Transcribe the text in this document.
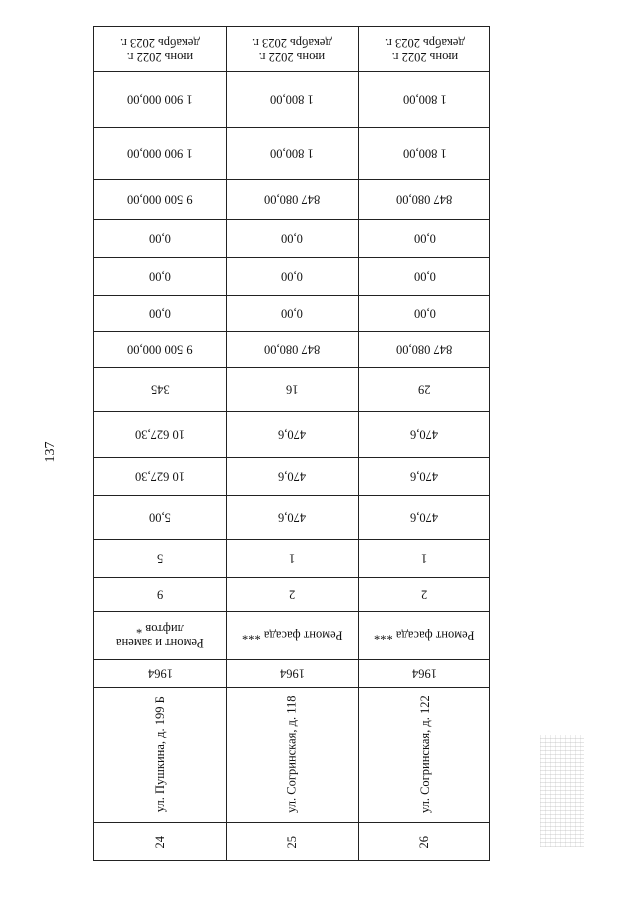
137
июнь 2022 г.
декабрь 2023 г.
1 900 000,00
1 900 000,00
9 500 000,00
0,00
0,00
0,00
9 500 000,00
345
10 627,30
10 627,30
5,00
5
9
Ремонт и замена
лифтов *
1964
ул. Пушкина, д. 199 Б
24
июнь 2022 г.
декабрь 2023 г.
1 800,00
1 800,00
847 080,00
0,00
0,00
0,00
847 080,00
16
470,6
470,6
470,6
1
2
Ремонт фасада ***
1964
ул. Согринская, д. 118
25
июнь 2022 г.
декабрь 2023 г.
1 800,00
1 800,00
847 080,00
0,00
0,00
0,00
847 080,00
29
470,6
470,6
470,6
1
2
Ремонт фасада ***
1964
ул. Согринская, д. 122
26
